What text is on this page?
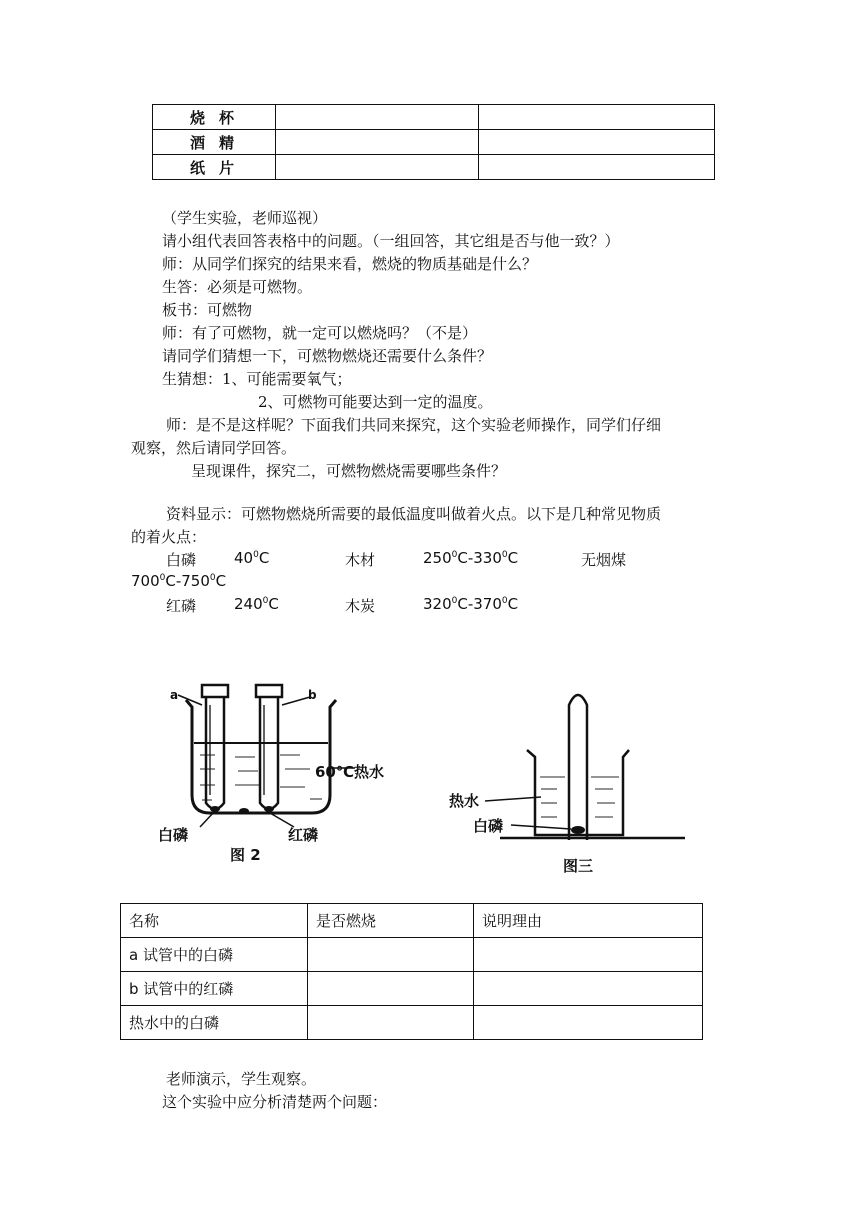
烧杯		
酒精		
纸片		
（学生实验，老师巡视）
请小组代表回答表格中的问题。（一组回答，其它组是否与他一致？）
师：从同学们探究的结果来看，燃烧的物质基础是什么？
生答：必须是可燃物。
板书：可燃物
师：有了可燃物，就一定可以燃烧吗？（不是）
请同学们猜想一下，可燃物燃烧还需要什么条件？
生猜想：1、可能需要氧气；
2、可燃物可能要达到一定的温度。
师：是不是这样呢？下面我们共同来探究，这个实验老师操作，同学们仔细
观察，然后请同学回答。
呈现课件，探究二，可燃物燃烧需要哪些条件？
资料显示：可燃物燃烧所需要的最低温度叫做着火点。以下是几种常见物质
的着火点：
白磷	$40^0C$	木材	$250^0C-330^0C$	无烟煤
$700^0C-750^0C$
红磷	$240^0C$	木炭	$320^0C-370^0C$
a	b
60℃热水
白磷	红磷
图 2
热水
白磷
图三
名称	是否燃烧	说明理由
a 试管中的白磷		
b 试管中的红磷		
热水中的白磷		
老师演示，学生观察。
这个实验中应分析清楚两个问题：
